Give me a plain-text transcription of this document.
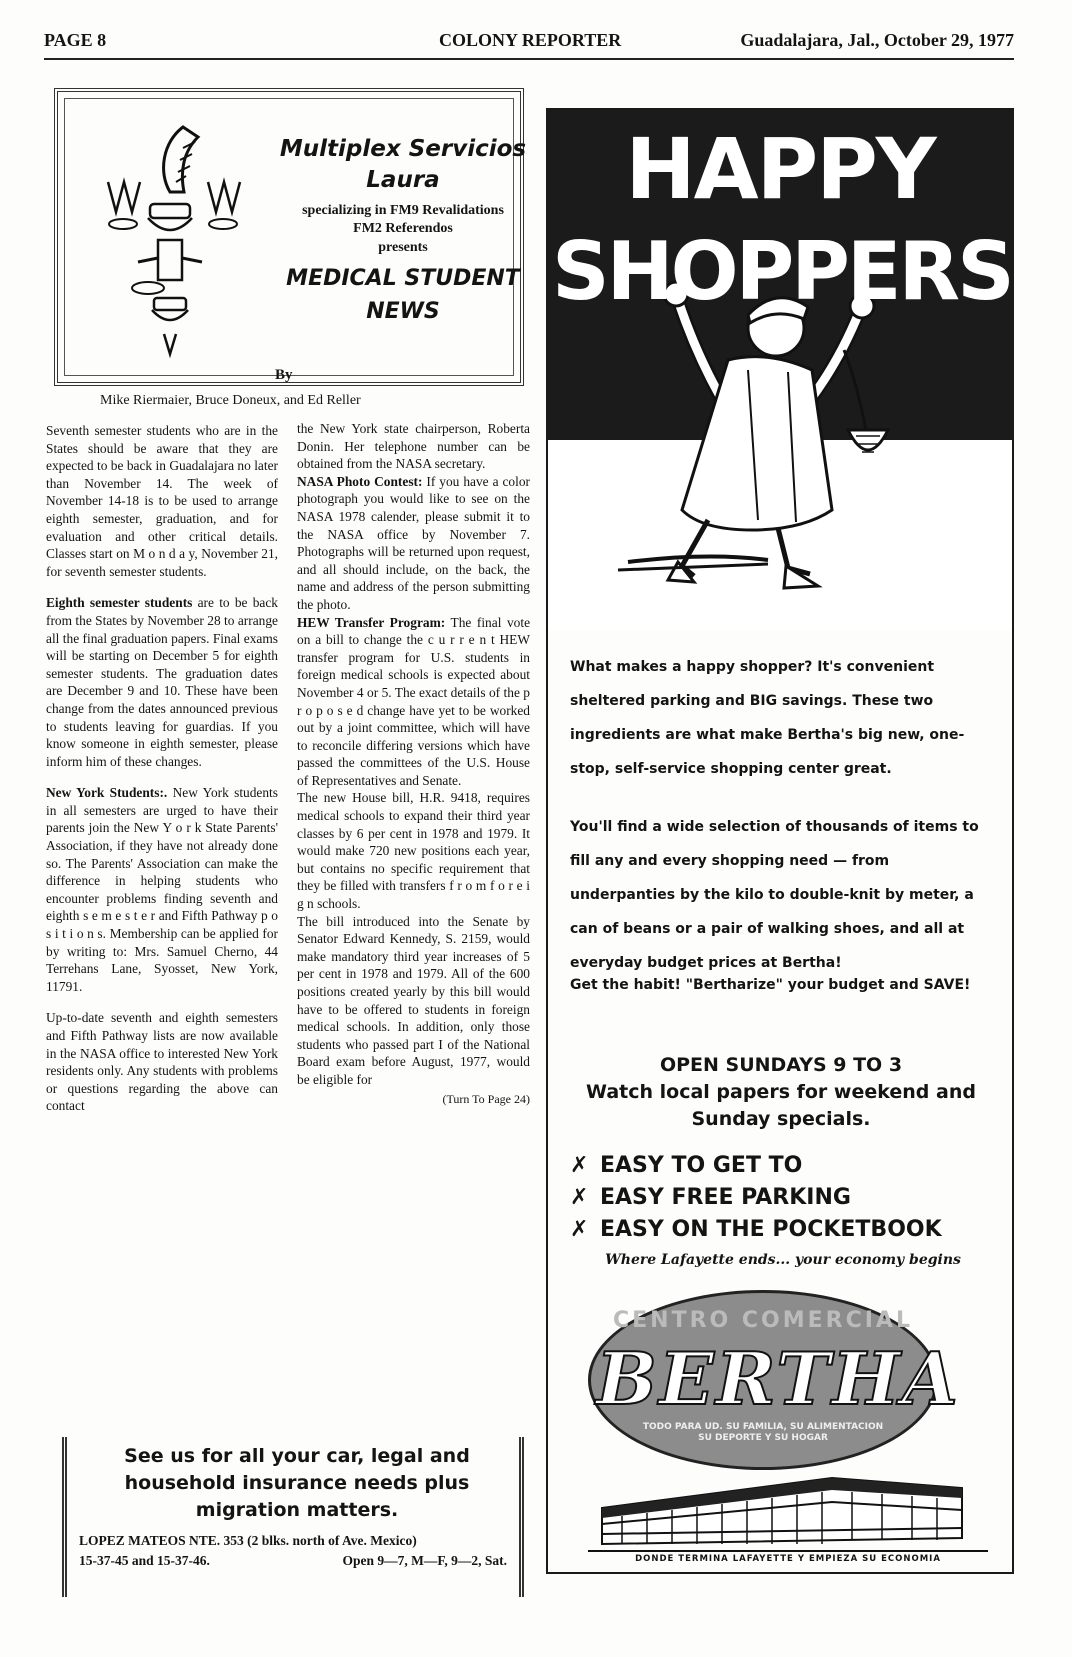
PAGE 8	COLONY REPORTER	Guadalajara, Jal., October 29, 1977
Multiplex Servicios
Laura
specializing in FM9 Revalidations
FM2 Referendos
presents
MEDICAL STUDENT
NEWS
By
Mike Riermaier, Bruce Doneux, and Ed Reller

Seventh semester students who are in the States should be aware that they are expected to be back in Guadalajara no later than November 14. The week of November 14-18 is to be used to arrange eighth semester, graduation, and for evaluation and other critical details. Classes start on M o n d a y, November 21, for seventh semester students.

Eighth semester students are to be back from the States by November 28 to arrange all the final graduation papers. Final exams will be starting on December 5 for eighth semester students. The graduation dates are December 9 and 10. These have been change from the dates announced previous to students leaving for guardias. If you know someone in eighth semester, please inform him of these changes.

New York Students:. New York students in all semesters are urged to have their parents join the New Y o r k State Parents' Association, if they have not already done so. The Parents' Association can make the difference in helping students who encounter problems finding seventh and eighth s e m e s t e r and Fifth Pathway p o s i t i o n s. Membership can be applied for by writing to: Mrs. Samuel Cherno, 44 Terrehans Lane, Syosset, New York, 11791.

Up-to-date seventh and eighth semesters and Fifth Pathway lists are now available in the NASA office to interested New York residents only. Any students with problems or questions regarding the above can contact

the New York state chairperson, Roberta Donin. Her telephone number can be obtained from the NASA secretary.

NASA Photo Contest: If you have a color photograph you would like to see on the NASA 1978 calender, please submit it to the NASA office by November 7. Photographs will be returned upon request, and all should include, on the back, the name and address of the person submitting the photo.

HEW Transfer Program: The final vote on a bill to change the c u r r e n t HEW transfer program for U.S. students in foreign medical schools is expected about November 4 or 5. The exact details of the p r o p o s e d change have yet to be worked out by a joint committee, which will have to reconcile differing versions which have passed the committees of the U.S. House of Representatives and Senate.

The new House bill, H.R. 9418, requires medical schools to expand their third year classes by 6 per cent in 1978 and 1979. It would make 720 new positions each year, but contains no specific requirement that they be filled with transfers f r o m f o r e i g n schools.

The bill introduced into the Senate by Senator Edward Kennedy, S. 2159, would make mandatory third year increases of 5 per cent in 1978 and 1979. All of the 600 positions created yearly by this bill would have to be offered to students in foreign medical schools. In addition, only those students who passed part I of the National Board exam before August, 1977, would be eligible for

(Turn To Page 24)
See us for all your car, legal and
household insurance needs plus
migration matters.
LOPEZ MATEOS NTE. 353 (2 blks. north of Ave. Mexico)
15-37-45 and 15-37-46.	Open 9—7, M—F, 9—2, Sat.
HAPPY
SHOPPERS
What makes a happy shopper? It's convenient sheltered parking and BIG savings. These two ingredients are what make Bertha's big new, one-stop, self-service shopping center great.
You'll find a wide selection of thousands of items to fill any and every shopping need — from underpanties by the kilo to double-knit by meter, a can of beans or a pair of walking shoes, and all at everyday budget prices at Bertha!
Get the habit! "Bertharize" your budget and SAVE!
OPEN SUNDAYS 9 TO 3
Watch local papers for weekend and
Sunday specials.
✗ EASY TO GET TO
✗ EASY FREE PARKING
✗ EASY ON THE POCKETBOOK
Where Lafayette ends... your economy begins
CENTRO COMERCIAL
BERTHA
TODO PARA UD. SU FAMILIA, SU ALIMENTACION
SU DEPORTE Y SU HOGAR
DONDE TERMINA LAFAYETTE Y EMPIEZA SU ECONOMIA
